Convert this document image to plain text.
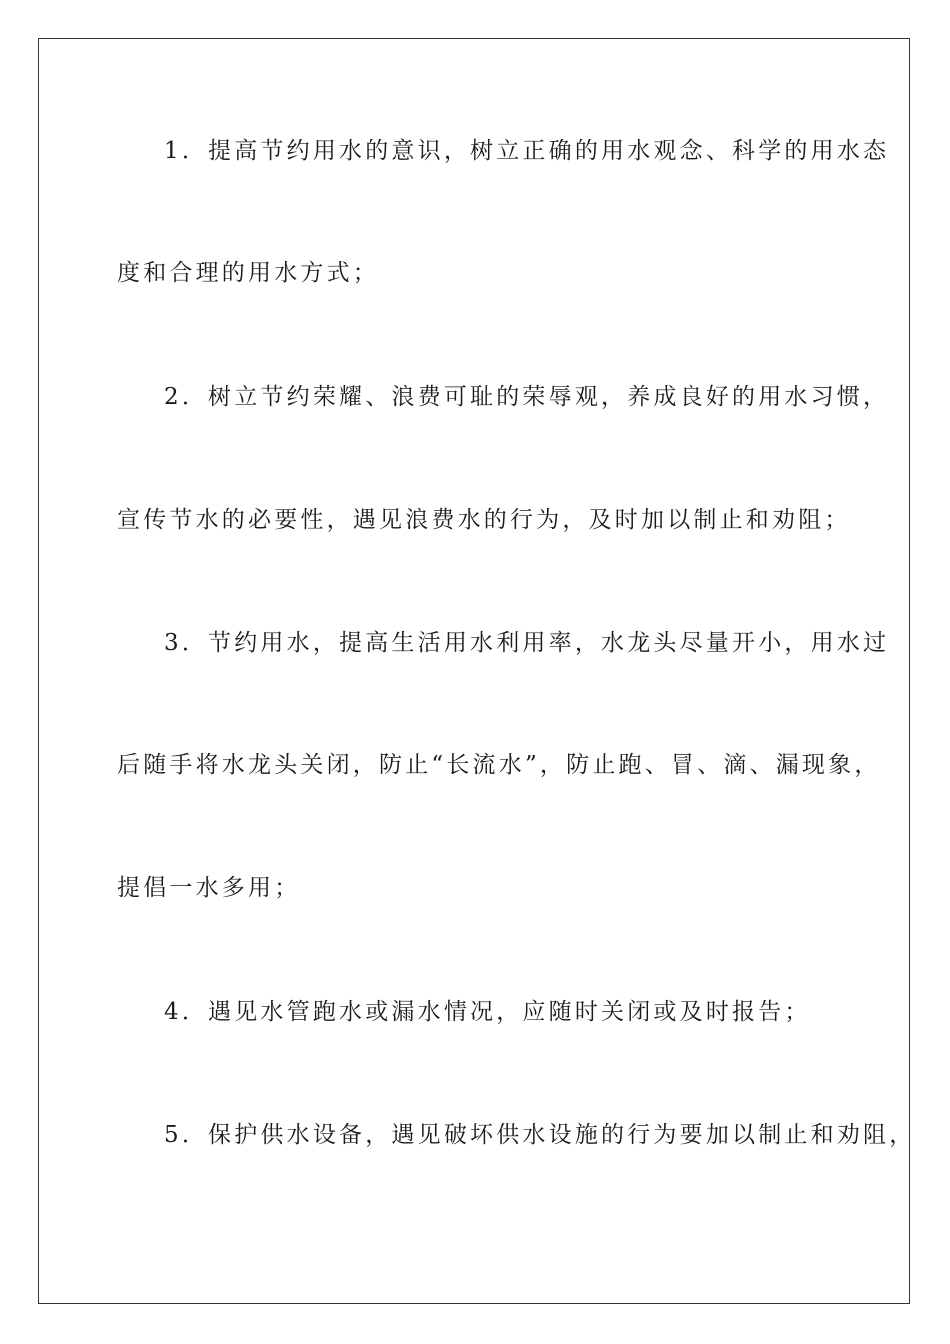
1．提高节约用水的意识，树立正确的用水观念、科学的用水态

度和合理的用水方式；

2．树立节约荣耀、浪费可耻的荣辱观，养成良好的用水习惯，

宣传节水的必要性，遇见浪费水的行为，及时加以制止和劝阻；

3．节约用水，提高生活用水利用率，水龙头尽量开小，用水过

后随手将水龙头关闭，防止“长流水”，防止跑、冒、滴、漏现象，

提倡一水多用；

4．遇见水管跑水或漏水情况，应随时关闭或及时报告；

5．保护供水设备，遇见破坏供水设施的行为要加以制止和劝阻，
